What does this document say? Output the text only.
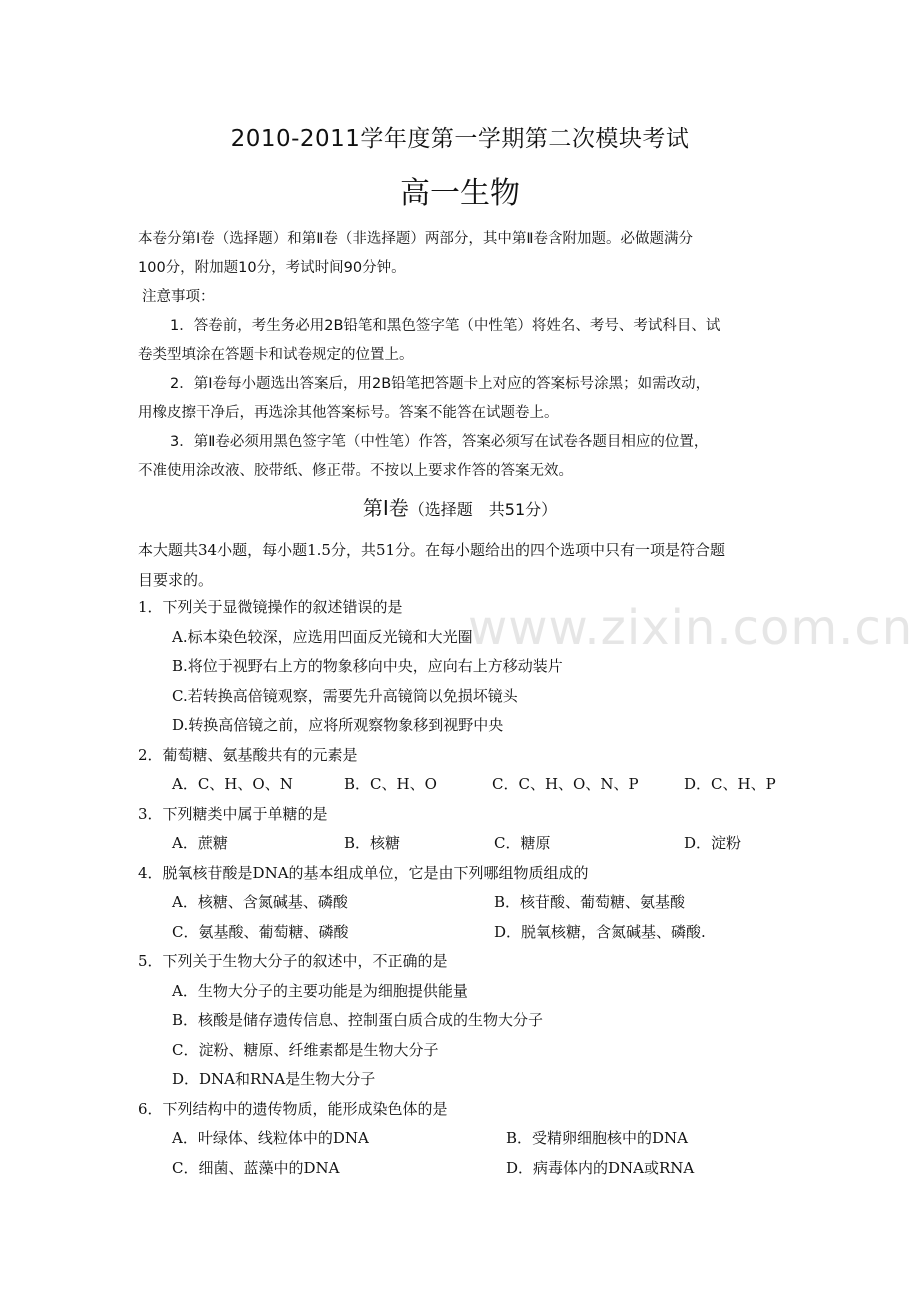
2010-2011学年度第一学期第二次模块考试
高一生物

本卷分第Ⅰ卷（选择题）和第Ⅱ卷（非选择题）两部分，其中第Ⅱ卷含附加题。必做题满分

100分，附加题10分，考试时间90分钟。

注意事项：

1．答卷前，考生务必用2B铅笔和黑色签字笔（中性笔）将姓名、考号、考试科目、试

卷类型填涂在答题卡和试卷规定的位置上。

2．第Ⅰ卷每小题选出答案后，用2B铅笔把答题卡上对应的答案标号涂黑；如需改动，

用橡皮擦干净后，再选涂其他答案标号。答案不能答在试题卷上。

3．第Ⅱ卷必须用黑色签字笔（中性笔）作答，答案必须写在试卷各题目相应的位置，

不准使用涂改液、胶带纸、修正带。不按以上要求作答的答案无效。

第Ⅰ卷（选择题　共51分）

本大题共34小题，每小题1.5分，共51分。在每小题给出的四个选项中只有一项是符合题

目要求的。

www.zixin.com.cn
1．下列关于显微镜操作的叙述错误的是
A.标本染色较深，应选用凹面反光镜和大光圈
B.将位于视野右上方的物象移向中央，应向右上方移动装片
C.若转换高倍镜观察，需要先升高镜筒以免损坏镜头
D.转换高倍镜之前，应将所观察物象移到视野中央
2．葡萄糖、氨基酸共有的元素是
A．C、H、O、N	B．C、H、O	C．C、H、O、N、P	D．C、H、P
3．下列糖类中属于单糖的是
A．蔗糖	B．核糖	C．糖原	D．淀粉
4．脱氧核苷酸是DNA的基本组成单位，它是由下列哪组物质组成的
A．核糖、含氮碱基、磷酸	B．核苷酸、葡萄糖、氨基酸
C．氨基酸、葡萄糖、磷酸	D．脱氧核糖，含氮碱基、磷酸.
5．下列关于生物大分子的叙述中，不正确的是
A．生物大分子的主要功能是为细胞提供能量
B．核酸是储存遗传信息、控制蛋白质合成的生物大分子
C．淀粉、糖原、纤维素都是生物大分子
D．DNA和RNA是生物大分子
6．下列结构中的遗传物质，能形成染色体的是
A．叶绿体、线粒体中的DNA	B．受精卵细胞核中的DNA
C．细菌、蓝藻中的DNA	D．病毒体内的DNA或RNA
